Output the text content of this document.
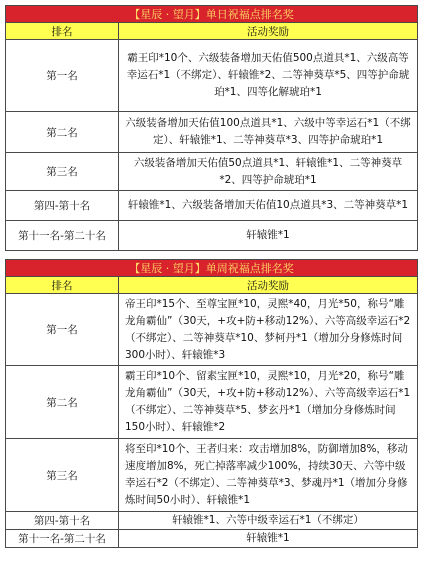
【星辰 · 望月】单日祝福点排名奖	
排名	活动奖励
第一名	霸王印*10个、六级装备增加天佑值500点道具*1、六级高等幸运石*1（不绑定）、轩辕锥*2、二等神葵草*5、四等护命琥珀*1、四等化解琥珀*1
第二名	六级装备增加天佑值100点道具*1、六级中等幸运石*1（不绑定）、轩辕锥*1、二等神葵草*3、四等护命琥珀*1
第三名	六级装备增加天佑值50点道具*1、轩辕锥*1、二等神葵草*2、四等护命琥珀*1
第四-第十名	轩辕锥*1、六级装备增加天佑值10点道具*3、二等神葵草*1
第十一名-第二十名	轩辕锥*1
【星辰 · 望月】单周祝福点排名奖	
排名	活动奖励
第一名	帝王印*15个、至尊宝匣*10，灵熙*40，月光*50，称号“雕龙角霸仙”（30天，+攻+防+移动12%）、六等高级幸运石*2（不绑定）、二等神葵草*10、梦柯丹*1（增加分身修炼时间300小时）、轩辕锥*3
第二名	霸王印*10个、留素宝匣*10，灵熙*10，月光*20，称号“雕龙角霸仙”（30天，+攻+防+移动12%）、六等高级幸运石*1（不绑定）、二等神葵草*5、梦玄丹*1（增加分身修炼时间150小时）、轩辕锥*2
第三名	将至印*10个、王者归来：攻击增加8%，防御增加8%，移动速度增加8%，死亡掉落率减少100%，持续30天、六等中级幸运石*2（不绑定）、二等神葵草*3、梦魂丹*1（增加分身修炼时间50小时）、轩辕锥*1
第四-第十名	轩辕锥*1、六等中级幸运石*1（不绑定）
第十一名-第二十名	轩辕锥*1
